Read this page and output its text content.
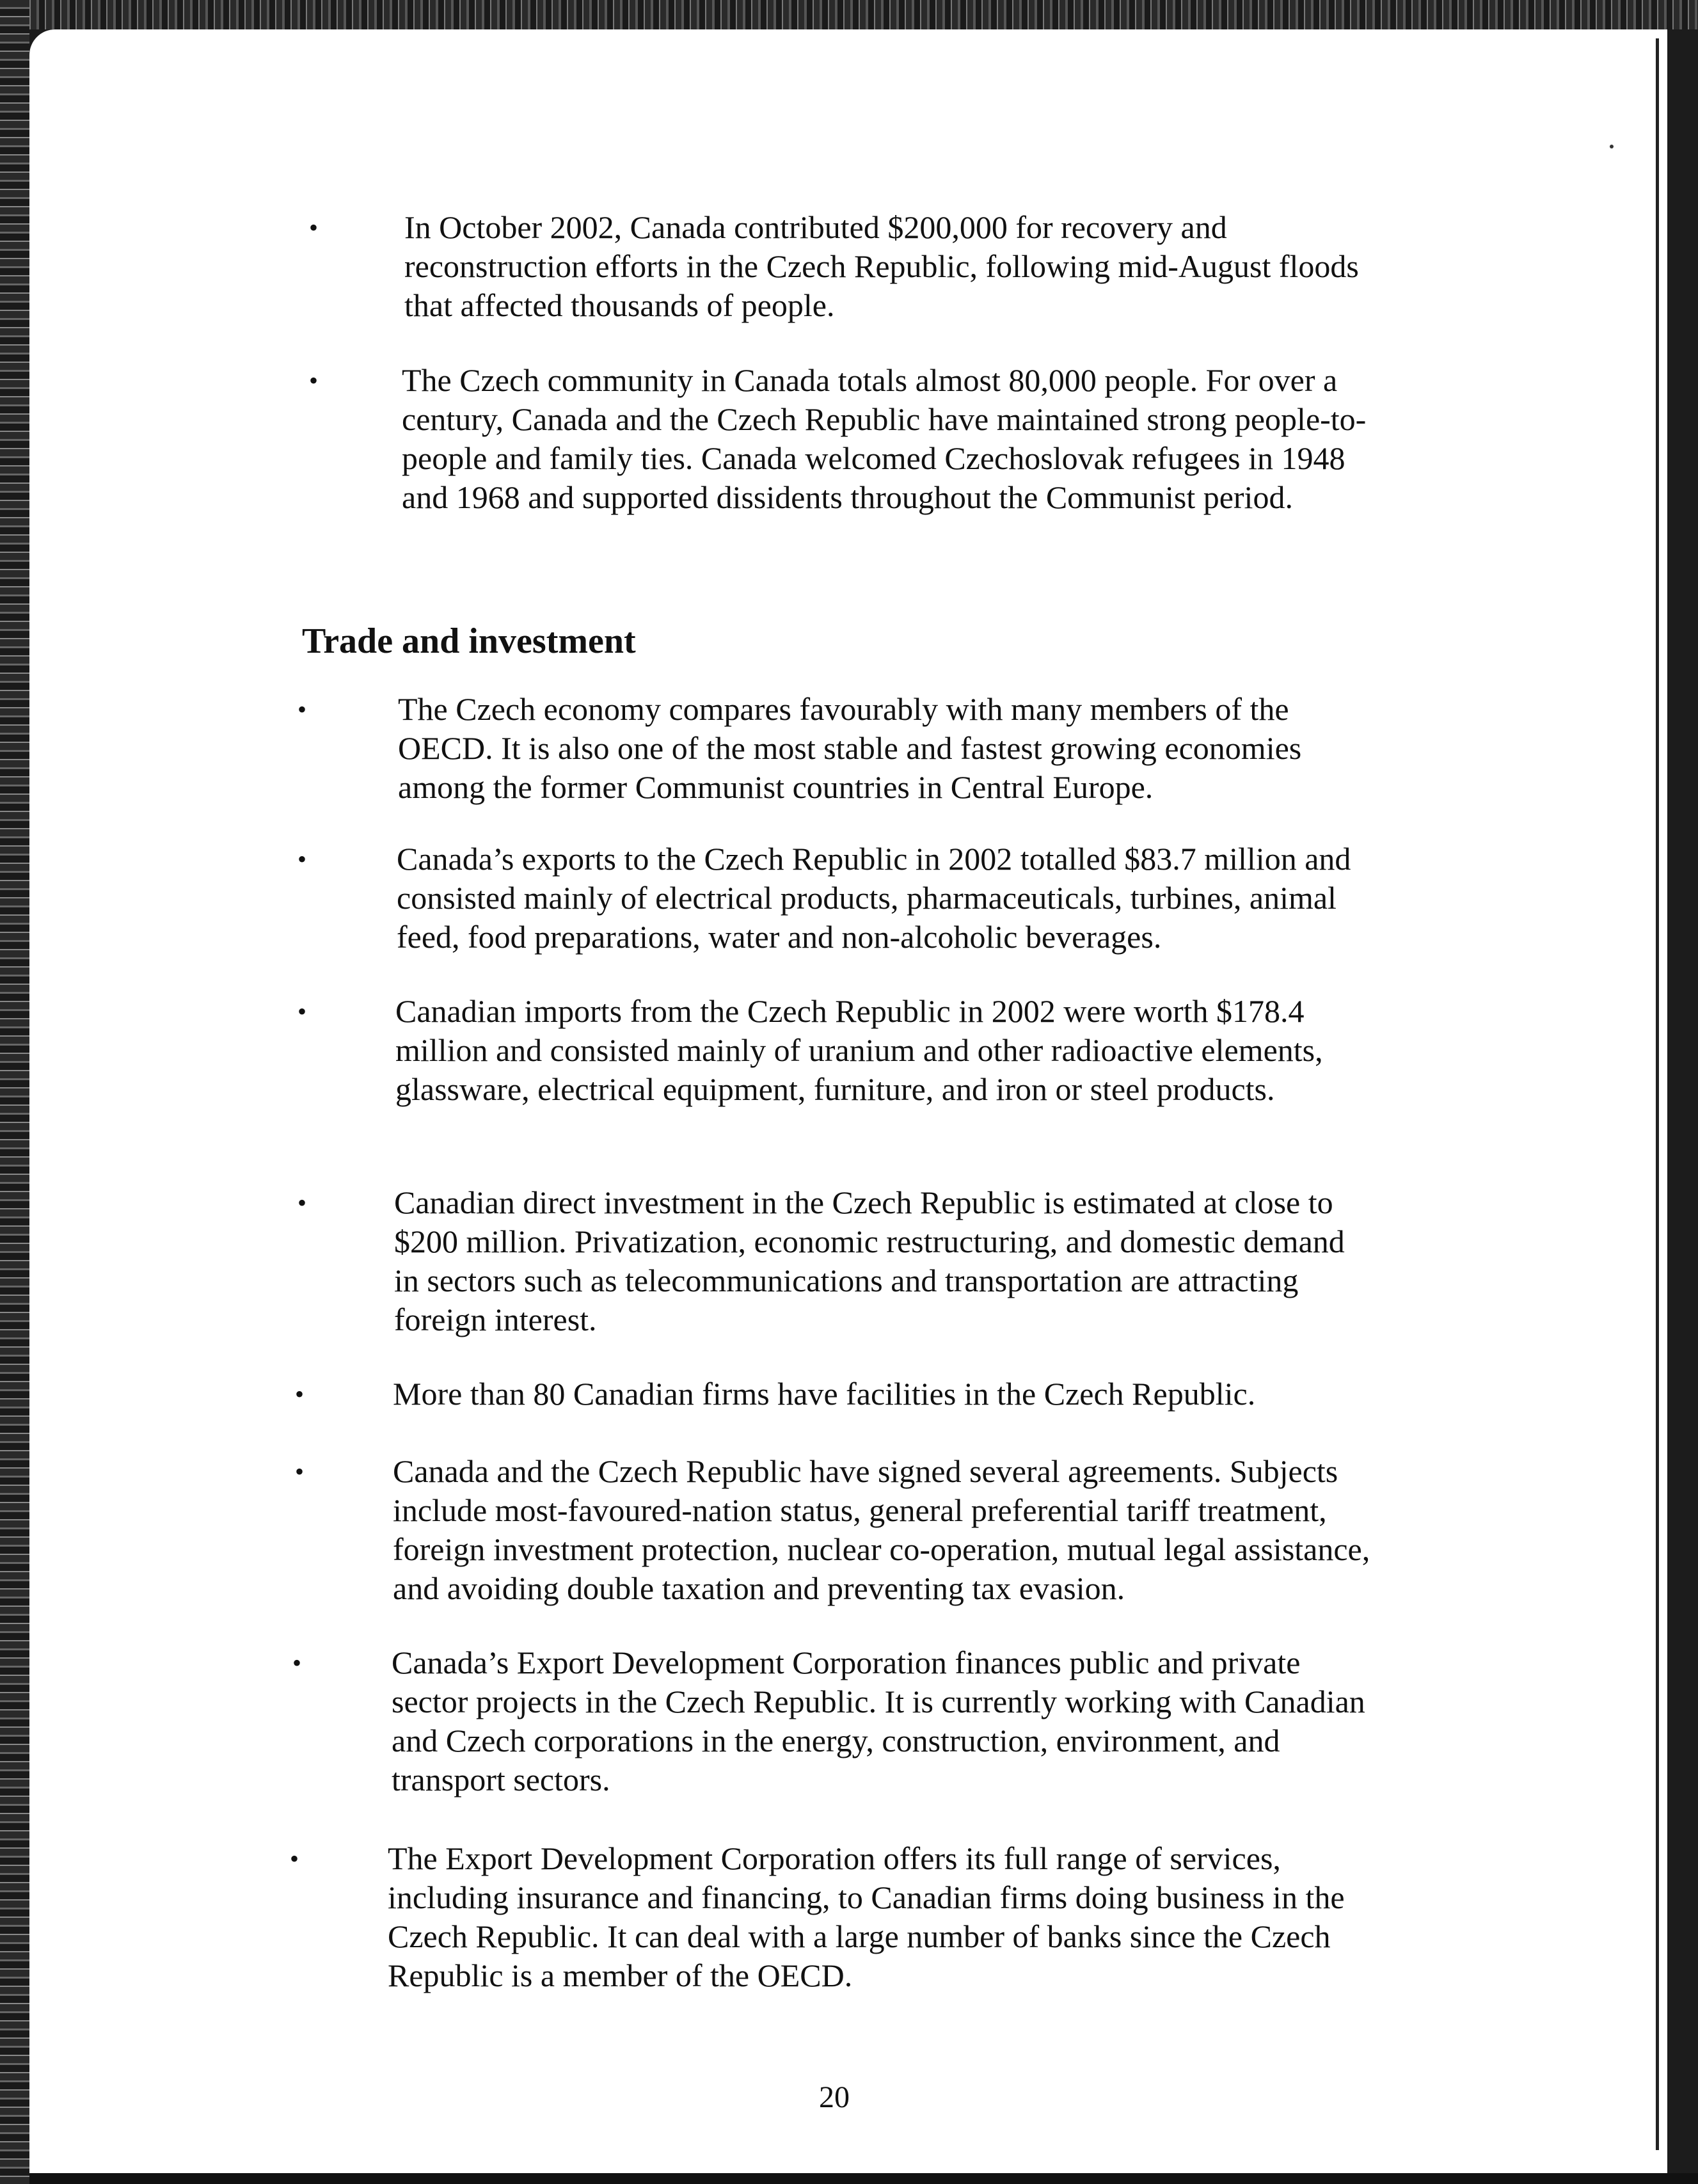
•	In October 2002, Canada contributed $200,000 for recovery and reconstruction efforts in the Czech Republic, following mid-August floods that affected thousands of people.
•	The Czech community in Canada totals almost 80,000 people. For over a century, Canada and the Czech Republic have maintained strong people-to-people and family ties. Canada welcomed Czechoslovak refugees in 1948 and 1968 and supported dissidents throughout the Communist period.
Trade and investment
•	The Czech economy compares favourably with many members of the OECD. It is also one of the most stable and fastest growing economies among the former Communist countries in Central Europe.
•	Canada’s exports to the Czech Republic in 2002 totalled $83.7 million and consisted mainly of electrical products, pharmaceuticals, turbines, animal feed, food preparations, water and non-alcoholic beverages.
•	Canadian imports from the Czech Republic in 2002 were worth $178.4 million and consisted mainly of uranium and other radioactive elements, glassware, electrical equipment, furniture, and iron or steel products.
•	Canadian direct investment in the Czech Republic is estimated at close to $200 million. Privatization, economic restructuring, and domestic demand in sectors such as telecommunications and transportation are attracting foreign interest.
•	More than 80 Canadian firms have facilities in the Czech Republic.
•	Canada and the Czech Republic have signed several agreements. Subjects include most-favoured-nation status, general preferential tariff treatment, foreign investment protection, nuclear co-operation, mutual legal assistance, and avoiding double taxation and preventing tax evasion.
•	Canada’s Export Development Corporation finances public and private sector projects in the Czech Republic. It is currently working with Canadian and Czech corporations in the energy, construction, environment, and transport sectors.
•	The Export Development Corporation offers its full range of services, including insurance and financing, to Canadian firms doing business in the Czech Republic. It can deal with a large number of banks since the Czech Republic is a member of the OECD.
20
